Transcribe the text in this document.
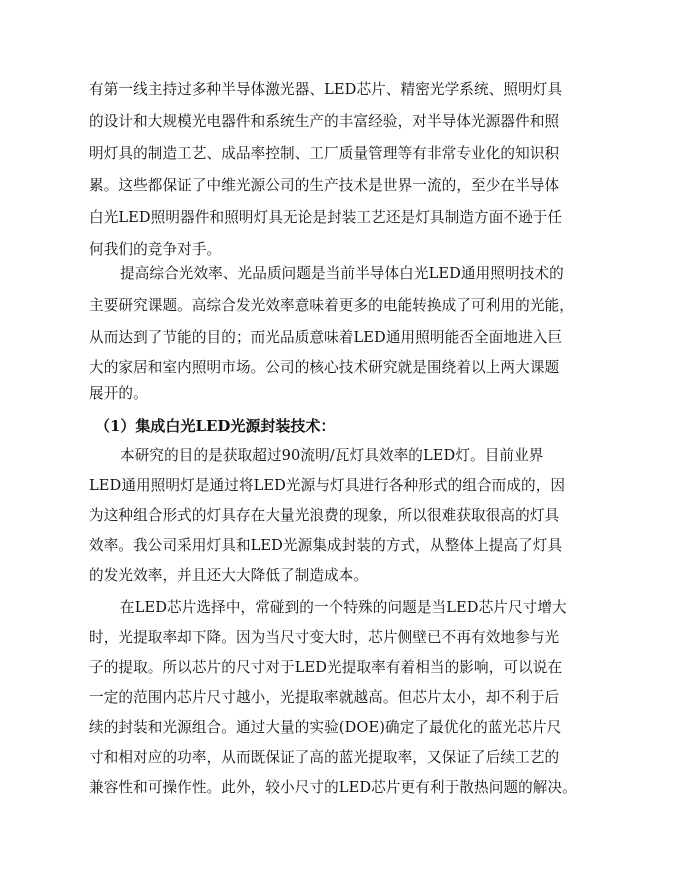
有第一线主持过多种半导体激光器、LED芯片、精密光学系统、照明灯具
的设计和大规模光电器件和系统生产的丰富经验，对半导体光源器件和照
明灯具的制造工艺、成品率控制、工厂质量管理等有非常专业化的知识积
累。这些都保证了中维光源公司的生产技术是世界一流的，至少在半导体
白光LED照明器件和照明灯具无论是封装工艺还是灯具制造方面不逊于任
何我们的竞争对手。
提高综合光效率、光品质问题是当前半导体白光LED通用照明技术的
主要研究课题。高综合发光效率意味着更多的电能转换成了可利用的光能，
从而达到了节能的目的；而光品质意味着LED通用照明能否全面地进入巨
大的家居和室内照明市场。公司的核心技术研究就是围绕着以上两大课题
展开的。
（1）集成白光LED光源封装技术：
本研究的目的是获取超过90流明/瓦灯具效率的LED灯。目前业界
LED通用照明灯是通过将LED光源与灯具进行各种形式的组合而成的，因
为这种组合形式的灯具存在大量光浪费的现象，所以很难获取很高的灯具
效率。我公司采用灯具和LED光源集成封装的方式，从整体上提高了灯具
的发光效率，并且还大大降低了制造成本。
在LED芯片选择中，常碰到的一个特殊的问题是当LED芯片尺寸增大
时，光提取率却下降。因为当尺寸变大时，芯片侧壁已不再有效地参与光
子的提取。所以芯片的尺寸对于LED光提取率有着相当的影响，可以说在
一定的范围内芯片尺寸越小，光提取率就越高。但芯片太小，却不利于后
续的封装和光源组合。通过大量的实验(DOE)确定了最优化的蓝光芯片尺
寸和相对应的功率，从而既保证了高的蓝光提取率，又保证了后续工艺的
兼容性和可操作性。此外，较小尺寸的LED芯片更有利于散热问题的解决。
